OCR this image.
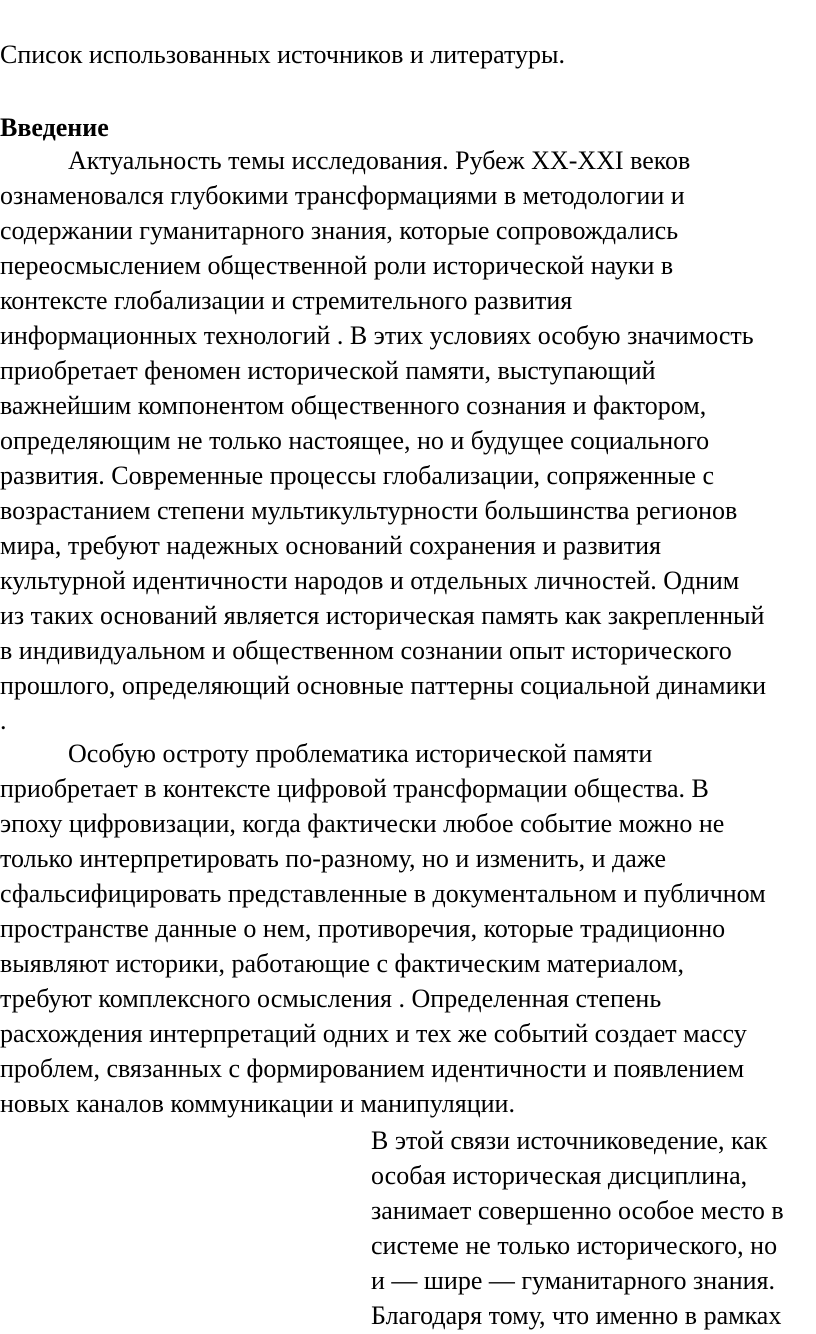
Список использованных источников и литературы.
Введение
Актуальность темы исследования. Рубеж XX-XXI веков
ознаменовался глубокими трансформациями в методологии и
содержании гуманитарного знания, которые сопровождались
переосмыслением общественной роли исторической науки в
контексте глобализации и стремительного развития
информационных технологий . В этих условиях особую значимость
приобретает феномен исторической памяти, выступающий
важнейшим компонентом общественного сознания и фактором,
определяющим не только настоящее, но и будущее социального
развития. Современные процессы глобализации, сопряженные с
возрастанием степени мультикультурности большинства регионов
мира, требуют надежных оснований сохранения и развития
культурной идентичности народов и отдельных личностей. Одним
из таких оснований является историческая память как закрепленный
в индивидуальном и общественном сознании опыт исторического
прошлого, определяющий основные паттерны социальной динамики
.
Особую остроту проблематика исторической памяти
приобретает в контексте цифровой трансформации общества. В
эпоху цифровизации, когда фактически любое событие можно не
только интерпретировать по-разному, но и изменить, и даже
сфальсифицировать представленные в документальном и публичном
пространстве данные о нем, противоречия, которые традиционно
выявляют историки, работающие с фактическим материалом,
требуют комплексного осмысления . Определенная степень
расхождения интерпретаций одних и тех же событий создает массу
проблем, связанных с формированием идентичности и появлением
новых каналов коммуникации и манипуляции.
В этой связи источниковедение, как
особая историческая дисциплина,
занимает совершенно особое место в
системе не только исторического, но
и — шире — гуманитарного знания.
Благодаря тому, что именно в рамках
